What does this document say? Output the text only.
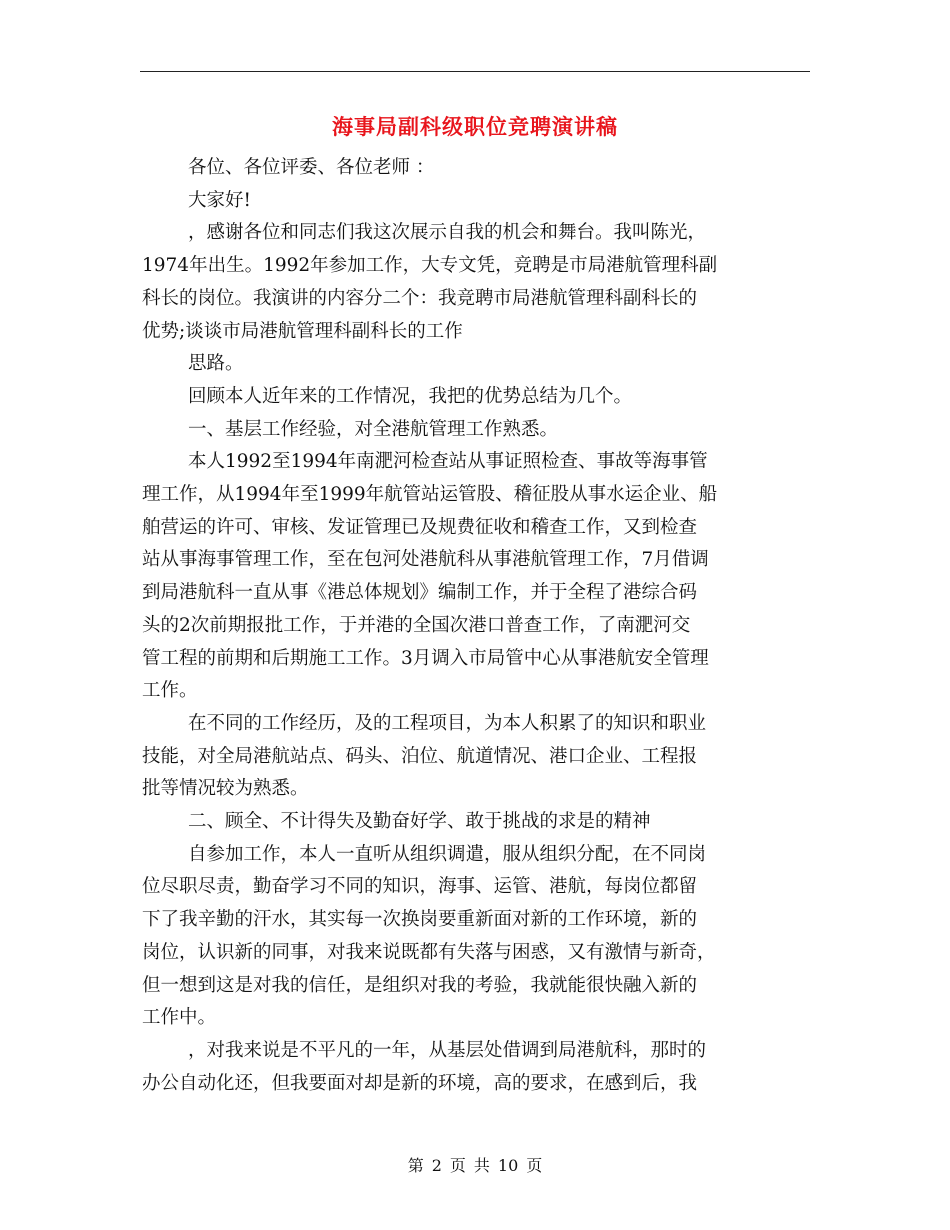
海事局副科级职位竞聘演讲稿

各位、各位评委、各位老师 ：

大家好!

，感谢各位和同志们我这次展示自我的机会和舞台。我叫陈光，

1974年出生。1992年参加工作，大专文凭，竞聘是市局港航管理科副

科长的岗位。我演讲的内容分二个：我竞聘市局港航管理科副科长的

优势;谈谈市局港航管理科副科长的工作

思路。

回顾本人近年来的工作情况，我把的优势总结为几个。

一、基层工作经验，对全港航管理工作熟悉。

本人1992至1994年南淝河检查站从事证照检查、事故等海事管

理工作，从1994年至1999年航管站运管股、稽征股从事水运企业、船

舶营运的许可、审核、发证管理已及规费征收和稽查工作，又到检查

站从事海事管理工作，至在包河处港航科从事港航管理工作，7月借调

到局港航科一直从事《港总体规划》编制工作，并于全程了港综合码

头的2次前期报批工作，于并港的全国次港口普查工作，了南淝河交

管工程的前期和后期施工工作。3月调入市局管中心从事港航安全管理

工作。

在不同的工作经历，及的工程项目，为本人积累了的知识和职业

技能，对全局港航站点、码头、泊位、航道情况、港口企业、工程报

批等情况较为熟悉。

二、顾全、不计得失及勤奋好学、敢于挑战的求是的精神

自参加工作，本人一直听从组织调遣，服从组织分配，在不同岗

位尽职尽责，勤奋学习不同的知识，海事、运管、港航，每岗位都留

下了我辛勤的汗水，其实每一次换岗要重新面对新的工作环境，新的

岗位，认识新的同事，对我来说既都有失落与困惑，又有激情与新奇，

但一想到这是对我的信任，是组织对我的考验，我就能很快融入新的

工作中。

，对我来说是不平凡的一年，从基层处借调到局港航科，那时的

办公自动化还，但我要面对却是新的环境，高的要求，在感到后，我

第 2 页 共 10 页
